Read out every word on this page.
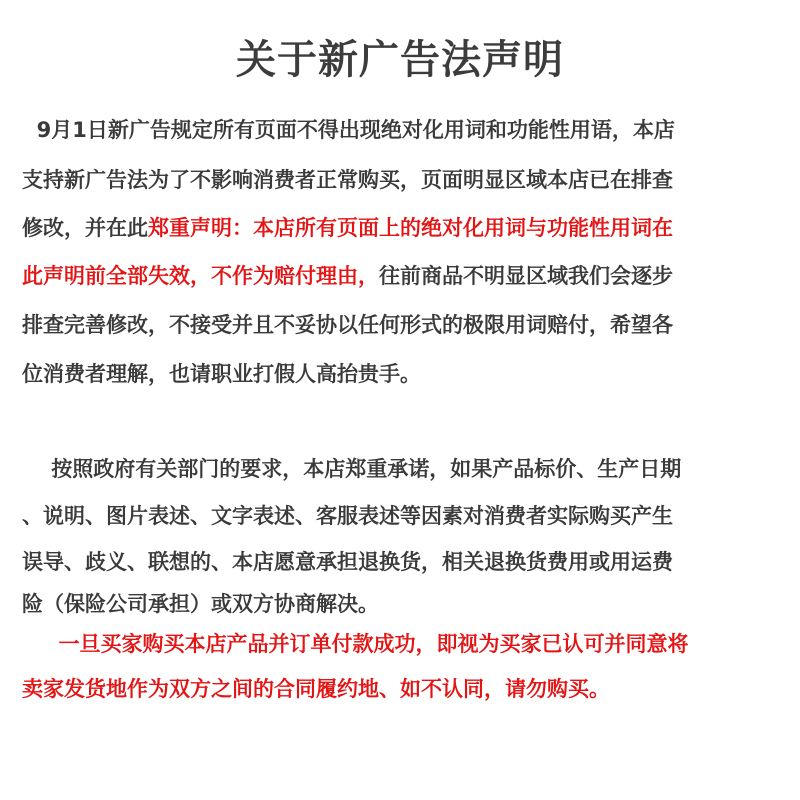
关于新广告法声明
9月1日新广告规定所有页面不得出现绝对化用词和功能性用语，本店
支持新广告法为了不影响消费者正常购买，页面明显区域本店已在排查
修改，并在此郑重声明：本店所有页面上的绝对化用词与功能性用词在
此声明前全部失效，不作为赔付理由，往前商品不明显区域我们会逐步
排查完善修改，不接受并且不妥协以任何形式的极限用词赔付，希望各
位消费者理解，也请职业打假人高抬贵手。
按照政府有关部门的要求，本店郑重承诺，如果产品标价、生产日期
、说明、图片表述、文字表述、客服表述等因素对消费者实际购买产生
误导、歧义、联想的、本店愿意承担退换货，相关退换货费用或用运费
险（保险公司承担）或双方协商解决。
一旦买家购买本店产品并订单付款成功，即视为买家已认可并同意将
卖家发货地作为双方之间的合同履约地、如不认同，请勿购买。
